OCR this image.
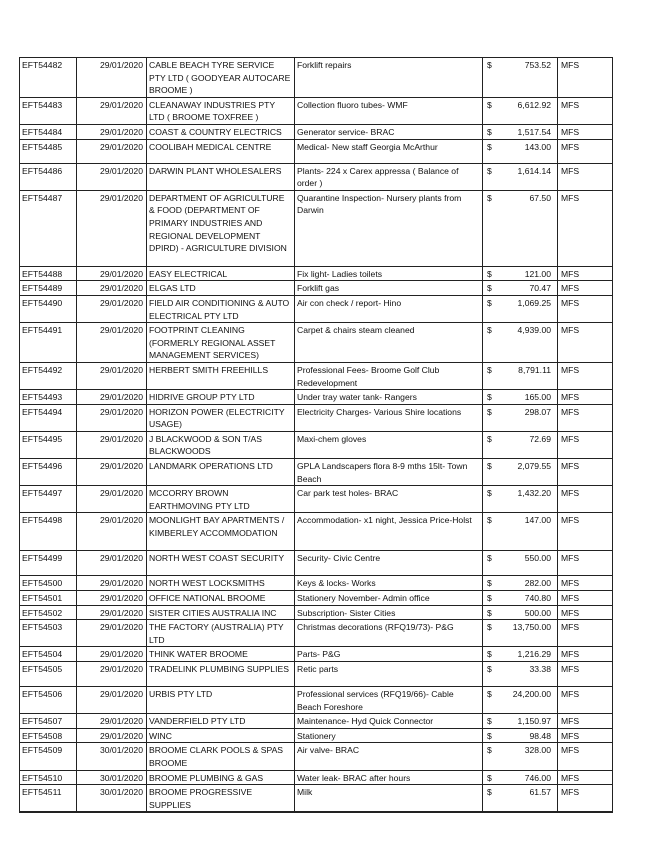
EFT54482	29/01/2020	CABLE BEACH TYRE SERVICE PTY LTD ( GOODYEAR AUTOCARE BROOME )	Forklift repairs	$	753.52	MFS
EFT54483	29/01/2020	CLEANAWAY INDUSTRIES PTY LTD ( BROOME TOXFREE )	Collection fluoro tubes- WMF	$	6,612.92	MFS
EFT54484	29/01/2020	COAST & COUNTRY ELECTRICS	Generator service- BRAC	$	1,517.54	MFS
EFT54485	29/01/2020	COOLIBAH MEDICAL CENTRE	Medical- New staff Georgia McArthur	$	143.00	MFS
EFT54486	29/01/2020	DARWIN PLANT WHOLESALERS	Plants- 224 x Carex appressa ( Balance of order )	$	1,614.14	MFS
EFT54487	29/01/2020	DEPARTMENT OF AGRICULTURE & FOOD (DEPARTMENT OF PRIMARY INDUSTRIES AND REGIONAL DEVELOPMENT DPIRD) - AGRICULTURE DIVISION	Quarantine Inspection- Nursery plants from Darwin	$	67.50	MFS
EFT54488	29/01/2020	EASY ELECTRICAL	Fix light- Ladies toilets	$	121.00	MFS
EFT54489	29/01/2020	ELGAS LTD	Forklift gas	$	70.47	MFS
EFT54490	29/01/2020	FIELD AIR CONDITIONING & AUTO ELECTRICAL PTY LTD	Air con check / report- Hino	$	1,069.25	MFS
EFT54491	29/01/2020	FOOTPRINT CLEANING (FORMERLY REGIONAL ASSET MANAGEMENT SERVICES)	Carpet & chairs steam cleaned	$	4,939.00	MFS
EFT54492	29/01/2020	HERBERT SMITH FREEHILLS	Professional Fees- Broome Golf Club Redevelopment	$	8,791.11	MFS
EFT54493	29/01/2020	HIDRIVE GROUP PTY LTD	Under tray water tank- Rangers	$	165.00	MFS
EFT54494	29/01/2020	HORIZON POWER (ELECTRICITY USAGE)	Electricity Charges- Various Shire locations	$	298.07	MFS
EFT54495	29/01/2020	J BLACKWOOD & SON T/AS BLACKWOODS	Maxi-chem gloves	$	72.69	MFS
EFT54496	29/01/2020	LANDMARK OPERATIONS LTD	GPLA Landscapers flora 8-9 mths 15lt- Town Beach	$	2,079.55	MFS
EFT54497	29/01/2020	MCCORRY BROWN EARTHMOVING PTY LTD	Car park test holes- BRAC	$	1,432.20	MFS
EFT54498	29/01/2020	MOONLIGHT BAY APARTMENTS / KIMBERLEY ACCOMMODATION	Accommodation- x1 night, Jessica Price-Holst	$	147.00	MFS
EFT54499	29/01/2020	NORTH WEST COAST SECURITY	Security- Civic Centre	$	550.00	MFS
EFT54500	29/01/2020	NORTH WEST LOCKSMITHS	Keys & locks- Works	$	282.00	MFS
EFT54501	29/01/2020	OFFICE NATIONAL BROOME	Stationery November- Admin office	$	740.80	MFS
EFT54502	29/01/2020	SISTER CITIES AUSTRALIA INC	Subscription- Sister Cities	$	500.00	MFS
EFT54503	29/01/2020	THE FACTORY (AUSTRALIA) PTY LTD	Christmas decorations (RFQ19/73)- P&G	$	13,750.00	MFS
EFT54504	29/01/2020	THINK WATER BROOME	Parts- P&G	$	1,216.29	MFS
EFT54505	29/01/2020	TRADELINK PLUMBING SUPPLIES	Retic parts	$	33.38	MFS
EFT54506	29/01/2020	URBIS PTY LTD	Professional services (RFQ19/66)- Cable Beach Foreshore	$	24,200.00	MFS
EFT54507	29/01/2020	VANDERFIELD PTY LTD	Maintenance- Hyd Quick Connector	$	1,150.97	MFS
EFT54508	29/01/2020	WINC	Stationery	$	98.48	MFS
EFT54509	30/01/2020	BROOME CLARK POOLS & SPAS BROOME	Air valve- BRAC	$	328.00	MFS
EFT54510	30/01/2020	BROOME PLUMBING & GAS	Water leak- BRAC after hours	$	746.00	MFS
EFT54511	30/01/2020	BROOME PROGRESSIVE SUPPLIES	Milk	$	61.57	MFS
